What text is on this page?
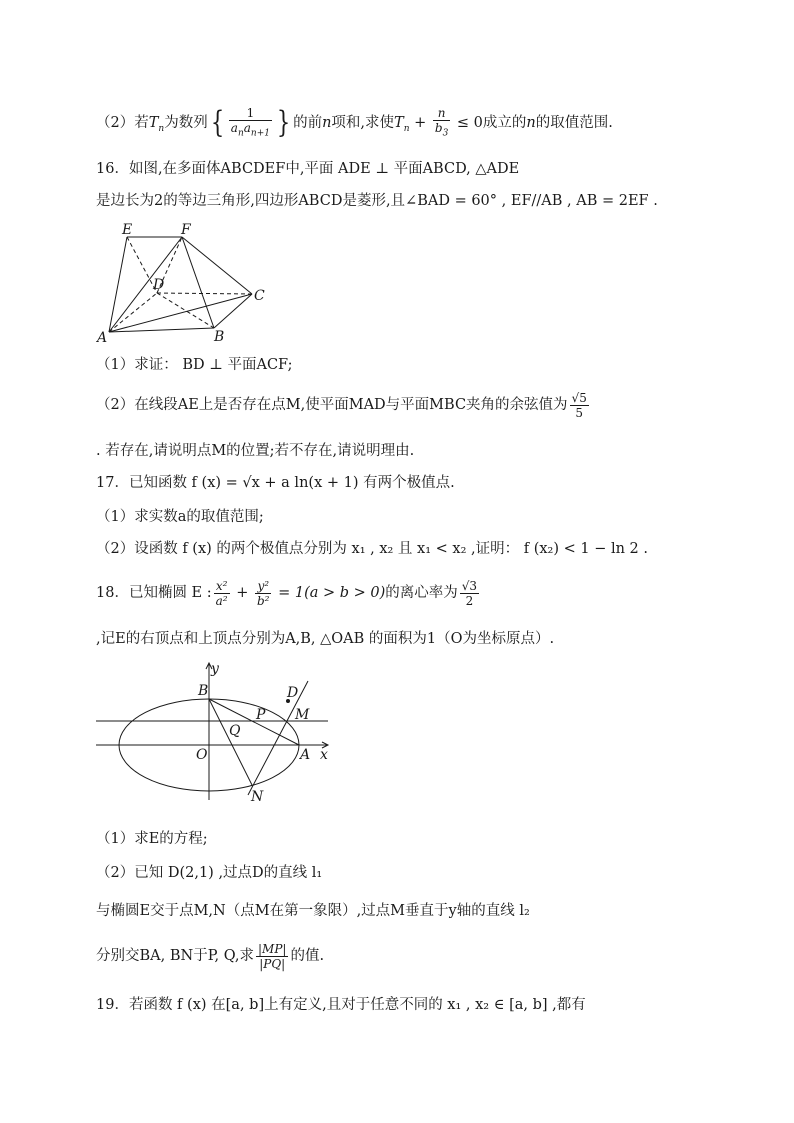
（2）若$T_n$为数列{ $\frac{1}{a_na_{n+1}}$ } 的前n项和,求使$T_n + \frac{n}{b_3} \le 0$成立的n的取值范围.
16．如图,在多面体ABCDEF中,平面 ADE ⊥ 平面ABCD, △ADE
是边长为2的等边三角形,四边形ABCD是菱形,且∠BAD = 60° , EF//AB , AB = 2EF .
E	F
D
C
A	B
（1）求证： BD ⊥ 平面ACF;
（2）在线段AE上是否存在点M,使平面MAD与平面MBC夹角的余弦值为 $\frac{√5}{5}$
. 若存在,请说明点M的位置;若不存在,请说明理由.
17．已知函数 f (x) = √x + a ln(x + 1) 有两个极值点.
（1）求实数a的取值范围;
（2）设函数 f (x) 的两个极值点分别为 x₁ , x₂ 且 x₁ < x₂ ,证明： f (x₂) < 1 − ln 2 .
18．已知椭圆 E : $\frac{\text{x²}}{\text{a²}} + \frac{\text{y²}}{\text{b²}} = 1(a > b > 0)$的离心率为 $\frac{√3}{2}$
,记E的右顶点和上顶点分别为A,B, △OAB 的面积为1（O为坐标原点）.
y
B	D
M
P
Q
O	A x
N
（1）求E的方程;
（2）已知 D(2,1) ,过点D的直线 l₁
与椭圆E交于点M,N（点M在第一象限）,过点M垂直于y轴的直线 l₂
分别交BA, BN于P, Q,求 $\frac{|MP|}{|PQ|}$ 的值.
19．若函数 f (x) 在[a, b]上有定义,且对于任意不同的 x₁ , x₂ ∈ [a, b] ,都有
